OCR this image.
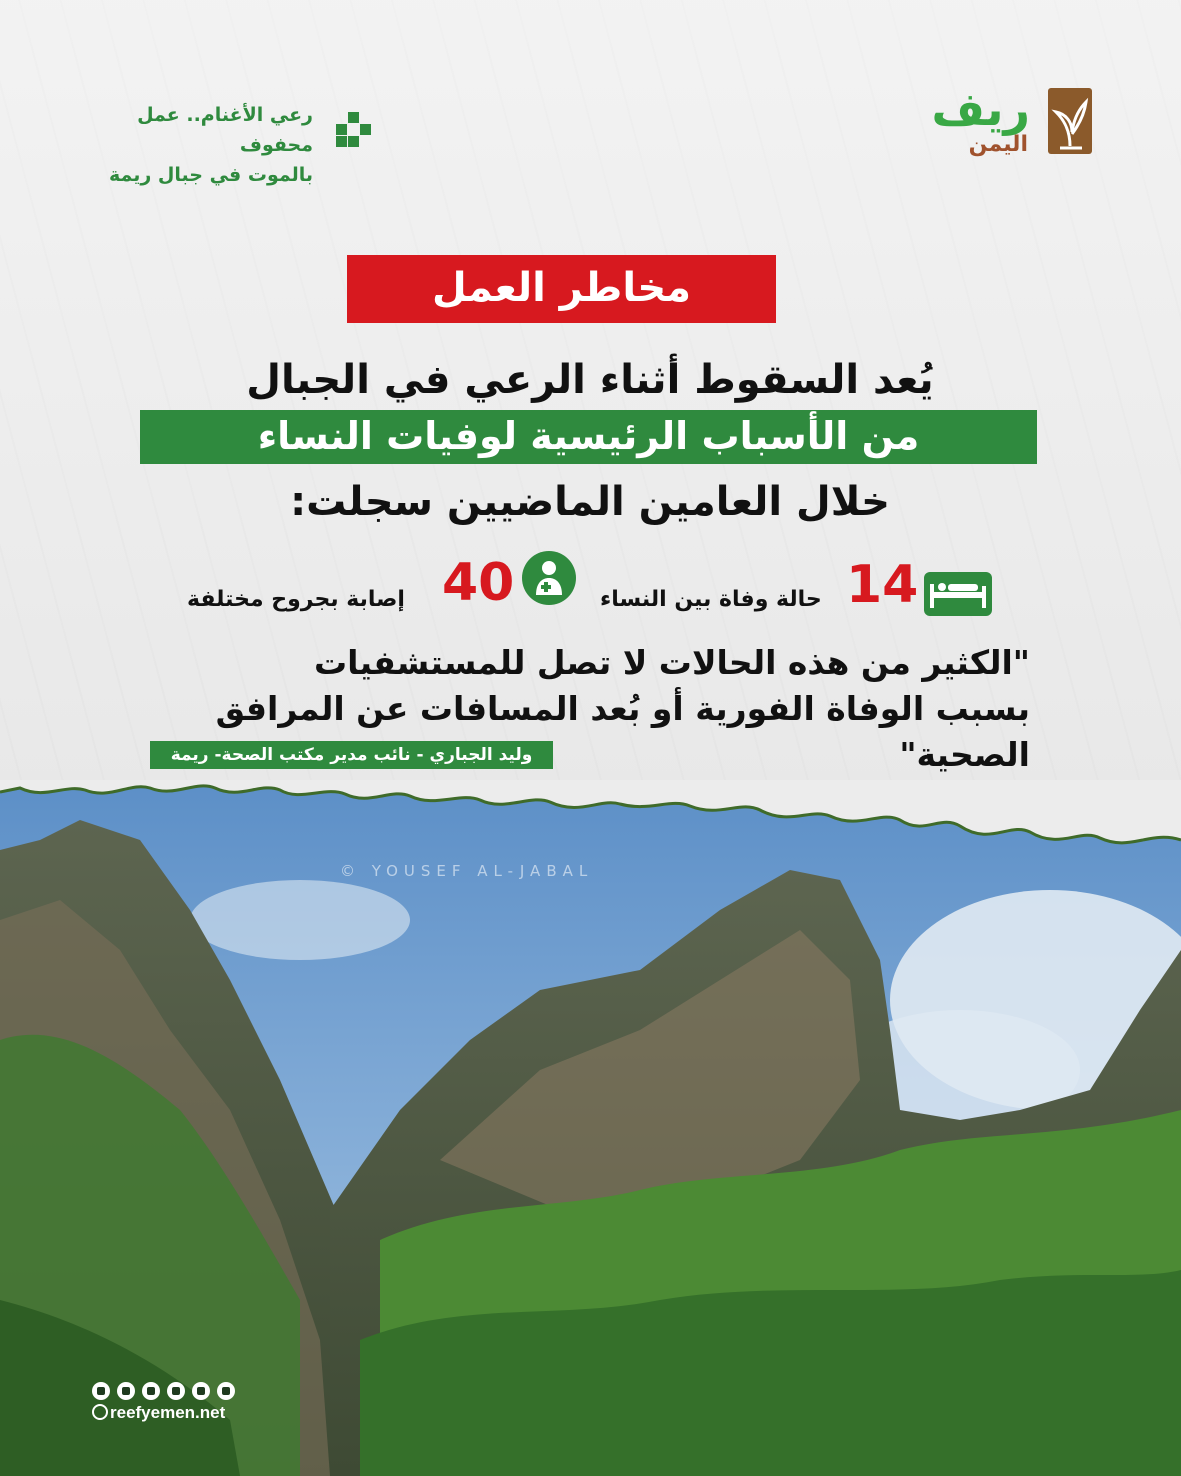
رعي الأغنام.. عمل محفوف
بالموت في جبال ريمة
ريف
اليمن
مخاطر العمل
يُعد السقوط أثناء الرعي في الجبال
من الأسباب الرئيسية لوفيات النساء
خلال العامين الماضيين سجلت:
14
حالة وفاة بين النساء
40
إصابة بجروح مختلفة
"الكثير من هذه الحالات لا تصل للمستشفيات
بسبب الوفاة الفورية أو بُعد المسافات عن المرافق الصحية"
وليد الجباري - نائب مدير مكتب الصحة- ريمة
© YOUSEF AL-JABAL
reefyemen.net
